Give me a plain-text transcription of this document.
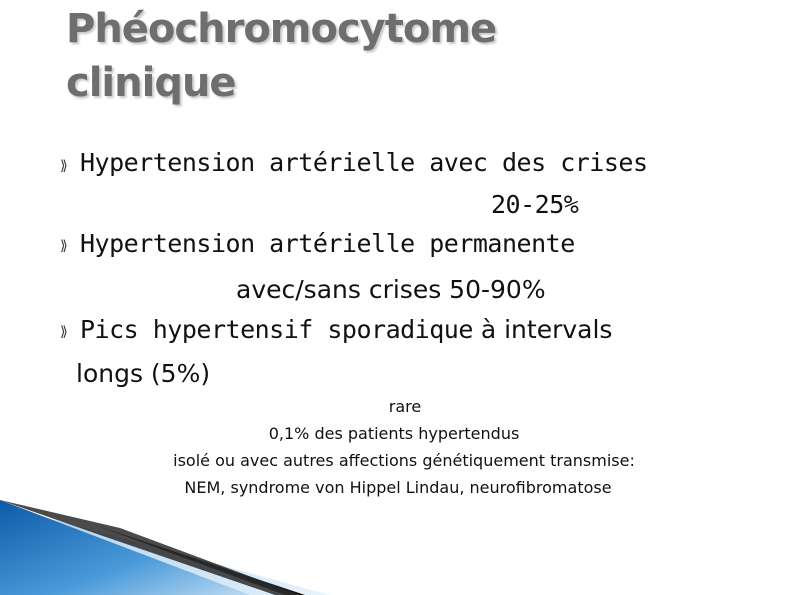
Phéochromocytome
clinique
⟫ Hypertension artérielle avec des crises
20-25%
⟫ Hypertension artérielle permanente
avec/sans crises 50-90%
⟫ Pics hypertensif sporadique à intervals
longs (5%)
rare
0,1% des patients hypertendus
isolé ou avec autres affections génétiquement transmise:
NEM, syndrome von Hippel Lindau, neurofibromatose
